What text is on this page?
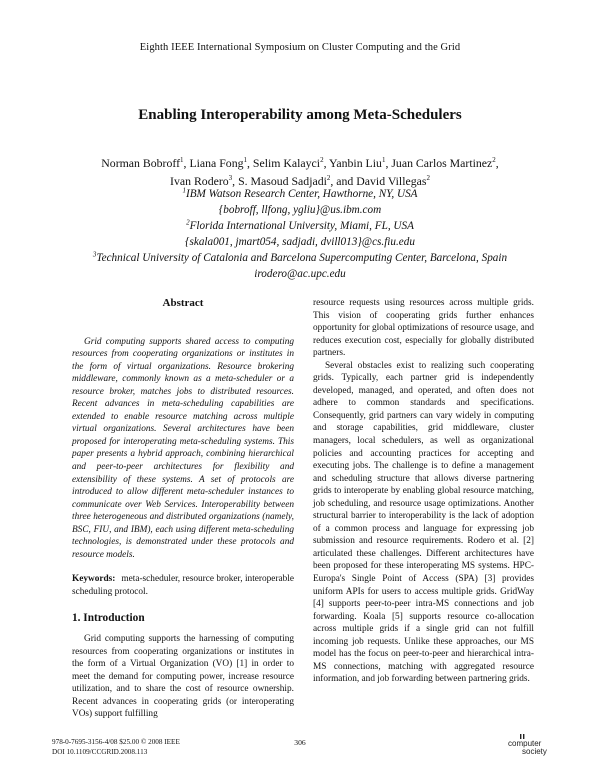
Eighth IEEE International Symposium on Cluster Computing and the Grid
Enabling Interoperability among Meta-Schedulers
Norman Bobroff$^1$, Liana Fong$^1$, Selim Kalayci$^2$, Yanbin Liu$^1$, Juan Carlos Martinez$^2$,
Ivan Rodero$^3$, S. Masoud Sadjadi$^2$, and David Villegas$^2$
$^1$IBM Watson Research Center, Hawthorne, NY, USA
{bobroff, llfong, ygliu}@us.ibm.com
$^2$Florida International University, Miami, FL, USA
{skala001, jmart054, sadjadi, dvill013}@cs.fiu.edu
$^3$Technical University of Catalonia and Barcelona Supercomputing Center, Barcelona, Spain
irodero@ac.upc.edu
Abstract

Grid computing supports shared access to computing resources from cooperating organizations or institutes in the form of virtual organizations. Resource brokering middleware, commonly known as a meta-scheduler or a resource broker, matches jobs to distributed resources. Recent advances in meta-scheduling capabilities are extended to enable resource matching across multiple virtual organizations. Several architectures have been proposed for interoperating meta-scheduling systems. This paper presents a hybrid approach, combining hierarchical and peer-to-peer architectures for flexibility and extensibility of these systems. A set of protocols are introduced to allow different meta-scheduler instances to communicate over Web Services. Interoperability between three heterogeneous and distributed organizations (namely, BSC, FIU, and IBM), each using different meta-scheduling technologies, is demonstrated under these protocols and resource models.

Keywords: meta-scheduler, resource broker, interoperable scheduling protocol.

1. Introduction

Grid computing supports the harnessing of computing resources from cooperating organizations or institutes in the form of a Virtual Organization (VO) [1] in order to meet the demand for computing power, increase resource utilization, and to share the cost of resource ownership. Recent advances in cooperating grids (or interoperating VOs) support fulfilling

resource requests using resources across multiple grids. This vision of cooperating grids further enhances opportunity for global optimizations of resource usage, and reduces execution cost, especially for globally distributed partners.

Several obstacles exist to realizing such cooperating grids. Typically, each partner grid is independently developed, managed, and operated, and often does not adhere to common standards and specifications. Consequently, grid partners can vary widely in computing and storage capabilities, grid middleware, cluster managers, local schedulers, as well as organizational policies and accounting practices for accepting and executing jobs. The challenge is to define a management and scheduling structure that allows diverse partnering grids to interoperate by enabling global resource matching, job scheduling, and resource usage optimizations. Another structural barrier to interoperability is the lack of adoption of a common process and language for expressing job submission and resource requirements. Rodero et al. [2] articulated these challenges. Different architectures have been proposed for these interoperating MS systems. HPC-Europa's Single Point of Access (SPA) [3] provides uniform APIs for users to access multiple grids. GridWay [4] supports peer-to-peer intra-MS connections and job forwarding. Koala [5] supports resource co-allocation across multiple grids if a single grid can not fulfill incoming job requests. Unlike these approaches, our MS model has the focus on peer-to-peer and hierarchical intra-MS connections, matching with aggregated resource information, and job forwarding between partnering grids.

978-0-7695-3156-4/08 $25.00 © 2008 IEEE
DOI 10.1109/CCGRID.2008.113
306	computer
society
